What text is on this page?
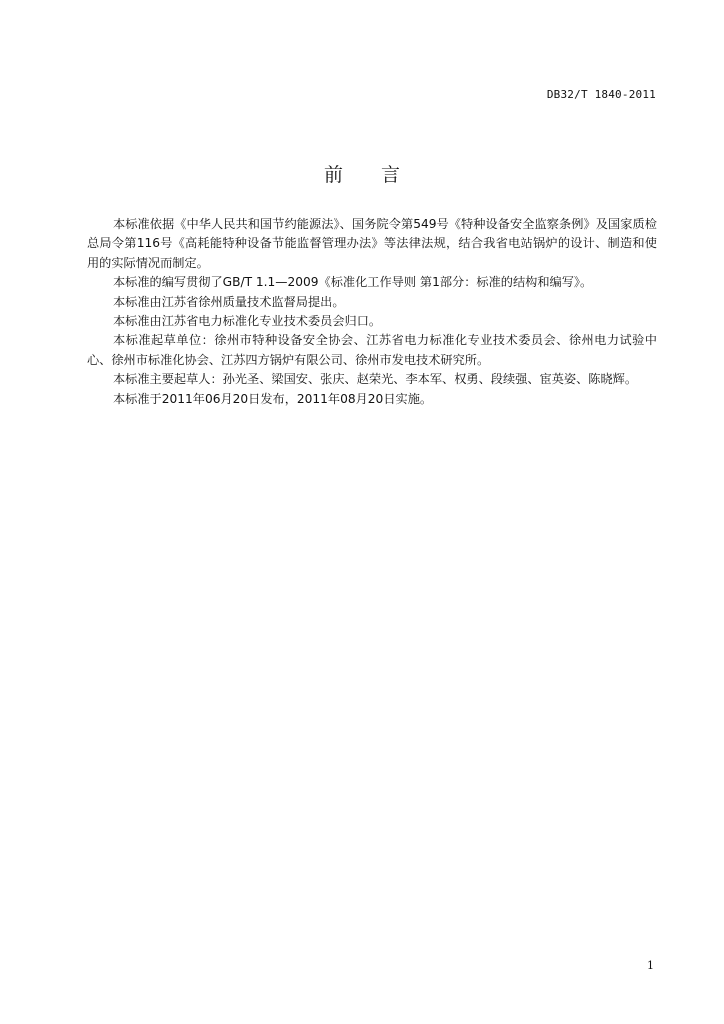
DB32/T 1840-2011
前言

本标准依据《中华人民共和国节约能源法》、国务院令第549号《特种设备安全监察条例》及国家质检总局令第116号《高耗能特种设备节能监督管理办法》等法律法规，结合我省电站锅炉的设计、制造和使用的实际情况而制定。

本标准的编写贯彻了GB/T 1.1—2009《标准化工作导则 第1部分：标准的结构和编写》。

本标准由江苏省徐州质量技术监督局提出。

本标准由江苏省电力标准化专业技术委员会归口。

本标准起草单位：徐州市特种设备安全协会、江苏省电力标准化专业技术委员会、徐州电力试验中心、徐州市标准化协会、江苏四方锅炉有限公司、徐州市发电技术研究所。

本标准主要起草人：孙光圣、梁国安、张庆、赵荣光、李本军、权勇、段续强、宦英姿、陈晓辉。

本标准于2011年06月20日发布，2011年08月20日实施。

1
